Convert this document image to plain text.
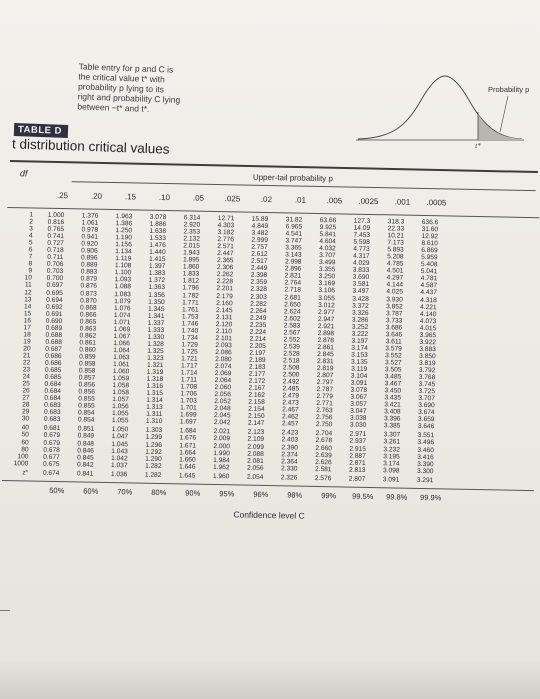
Table entry for p and C is
the critical value t* with
probability p lying to its
right and probability C lying
between −t* and t*.
t*
Probability p
TABLE D
t distribution critical values
df	Upper-tail probability p
.25	.20	.15	.10	.05	.025	.02	.01	.005	.0025	.001	.0005
1	1.000	1.376	1.963	3.078	6.314	12.71	15.89	31.82	63.66	127.3	318.3	636.6
2	0.816	1.061	1.386	1.886	2.920	4.303	4.849	6.965	9.925	14.09	22.33	31.60
3	0.765	0.978	1.250	1.638	2.353	3.182	3.482	4.541	5.841	7.453	10.21	12.92
4	0.741	0.941	1.190	1.533	2.132	2.776	2.999	3.747	4.604	5.598	7.173	8.610
5	0.727	0.920	1.156	1.476	2.015	2.571	2.757	3.365	4.032	4.773	5.893	6.869
6	0.718	0.906	1.134	1.440	1.943	2.447	2.612	3.143	3.707	4.317	5.208	5.959
7	0.711	0.896	1.119	1.415	1.895	2.365	2.517	2.998	3.499	4.029	4.785	5.408
8	0.706	0.889	1.108	1.397	1.860	2.306	2.449	2.896	3.355	3.833	4.501	5.041
9	0.703	0.883	1.100	1.383	1.833	2.262	2.398	2.821	3.250	3.690	4.297	4.781
10	0.700	0.879	1.093	1.372	1.812	2.228	2.359	2.764	3.169	3.581	4.144	4.587
11	0.697	0.876	1.088	1.363	1.796	2.201	2.328	2.718	3.106	3.497	4.025	4.437
12	0.695	0.873	1.083	1.356	1.782	2.179	2.303	2.681	3.055	3.428	3.930	4.318
13	0.694	0.870	1.079	1.350	1.771	2.160	2.282	2.650	3.012	3.372	3.852	4.221
14	0.692	0.868	1.076	1.345	1.761	2.145	2.264	2.624	2.977	3.326	3.787	4.140
15	0.691	0.866	1.074	1.341	1.753	2.131	2.249	2.602	2.947	3.286	3.733	4.073
16	0.690	0.865	1.071	1.337	1.746	2.120	2.235	2.583	2.921	3.252	3.686	4.015
17	0.689	0.863	1.069	1.333	1.740	2.110	2.224	2.567	2.898	3.222	3.646	3.965
18	0.688	0.862	1.067	1.330	1.734	2.101	2.214	2.552	2.878	3.197	3.611	3.922
19	0.688	0.861	1.066	1.328	1.729	2.093	2.205	2.539	2.861	3.174	3.579	3.883
20	0.687	0.860	1.064	1.325	1.725	2.086	2.197	2.528	2.845	3.153	3.552	3.850
21	0.686	0.859	1.063	1.323	1.721	2.080	2.189	2.518	2.831	3.135	3.527	3.819
22	0.686	0.858	1.061	1.321	1.717	2.074	2.183	2.508	2.819	3.119	3.505	3.792
23	0.685	0.858	1.060	1.319	1.714	2.069	2.177	2.500	2.807	3.104	3.485	3.768
24	0.685	0.857	1.059	1.318	1.711	2.064	2.172	2.492	2.797	3.091	3.467	3.745
25	0.684	0.856	1.058	1.316	1.708	2.060	2.167	2.485	2.787	3.078	3.450	3.725
26	0.684	0.856	1.058	1.315	1.706	2.056	2.162	2.479	2.779	3.067	3.435	3.707
27	0.684	0.855	1.057	1.314	1.703	2.052	2.158	2.473	2.771	3.057	3.421	3.690
28	0.683	0.855	1.056	1.313	1.701	2.048	2.154	2.467	2.763	3.047	3.408	3.674
29	0.683	0.854	1.055	1.311	1.699	2.045	2.150	2.462	2.756	3.038	3.396	3.659
30	0.683	0.854	1.055	1.310	1.697	2.042	2.147	2.457	2.750	3.030	3.385	3.646
40	0.681	0.851	1.050	1.303	1.684	2.021	2.123	2.423	2.704	2.971	3.307	3.551
50	0.679	0.849	1.047	1.299	1.676	2.009	2.109	2.403	2.678	2.937	3.261	3.496
60	0.679	0.848	1.045	1.296	1.671	2.000	2.099	2.390	2.660	2.915	3.232	3.460
80	0.678	0.846	1.043	1.292	1.664	1.990	2.088	2.374	2.639	2.887	3.195	3.416
100	0.677	0.845	1.042	1.290	1.660	1.984	2.081	2.364	2.626	2.871	3.174	3.390
1000	0.675	0.842	1.037	1.282	1.646	1.962	2.056	2.330	2.581	2.813	3.098	3.300
z*	0.674	0.841	1.036	1.282	1.645	1.960	2.054	2.326	2.576	2.807	3.091	3.291
Confidence level C
50%	60%	70%	80%	90%	95%	96%	98%	99%	99.5%	99.8%	99.9%
